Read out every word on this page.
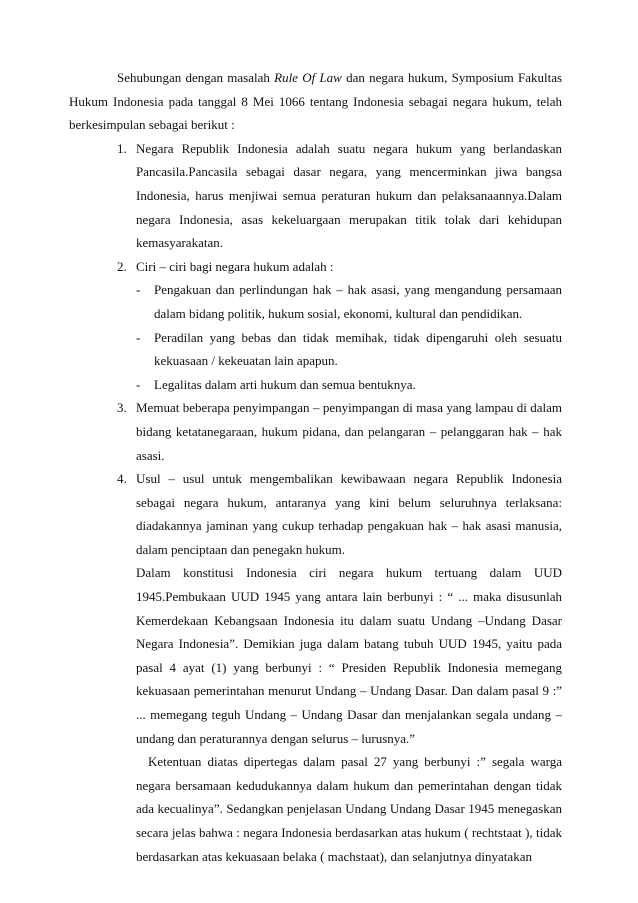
Sehubungan dengan masalah Rule Of Law dan negara hukum, Symposium Fakultas Hukum Indonesia pada tanggal 8 Mei 1066 tentang Indonesia sebagai negara hukum, telah berkesimpulan sebagai berikut :

1. Negara Republik Indonesia adalah suatu negara hukum yang berlandaskan Pancasila.Pancasila sebagai dasar negara, yang mencerminkan jiwa bangsa Indonesia, harus menjiwai semua peraturan hukum dan pelaksanaannya.Dalam negara Indonesia, asas kekeluargaan merupakan titik tolak dari kehidupan kemasyarakatan.
2. Ciri – ciri bagi negara hukum adalah :
- Pengakuan dan perlindungan hak – hak asasi, yang mengandung persamaan dalam bidang politik, hukum sosial, ekonomi, kultural dan pendidikan.
- Peradilan yang bebas dan tidak memihak, tidak dipengaruhi oleh sesuatu kekuasaan / kekeuatan lain apapun.
- Legalitas dalam arti hukum dan semua bentuknya.
3. Memuat beberapa penyimpangan – penyimpangan di masa yang lampau di dalam bidang ketatanegaraan, hukum pidana, dan pelangaran – pelanggaran hak – hak asasi.
4. Usul – usul untuk mengembalikan kewibawaan negara Republik Indonesia sebagai negara hukum, antaranya yang kini belum seluruhnya terlaksana: diadakannya jaminan yang cukup terhadap pengakuan hak – hak asasi manusia, dalam penciptaan dan penegakn hukum.

Dalam konstitusi Indonesia ciri negara hukum tertuang dalam UUD 1945.Pembukaan UUD 1945 yang antara lain berbunyi : “ ... maka disusunlah Kemerdekaan Kebangsaan Indonesia itu dalam suatu Undang –Undang Dasar Negara Indonesia”. Demikian juga dalam batang tubuh UUD 1945, yaitu pada pasal 4 ayat (1) yang berbunyi : “ Presiden Republik Indonesia memegang kekuasaan pemerintahan menurut Undang – Undang Dasar. Dan dalam pasal 9 :” ... memegang teguh Undang – Undang Dasar dan menjalankan segala undang – undang dan peraturannya dengan selurus – lurusnya.”

Ketentuan diatas dipertegas dalam pasal 27 yang berbunyi :” segala warga negara bersamaan kedudukannya dalam hukum dan pemerintahan dengan tidak ada kecualinya”. Sedangkan penjelasan Undang Undang Dasar 1945 menegaskan secara jelas bahwa : negara Indonesia berdasarkan atas hukum ( rechtstaat ), tidak berdasarkan atas kekuasaan belaka ( machstaat), dan selanjutnya dinyatakan
